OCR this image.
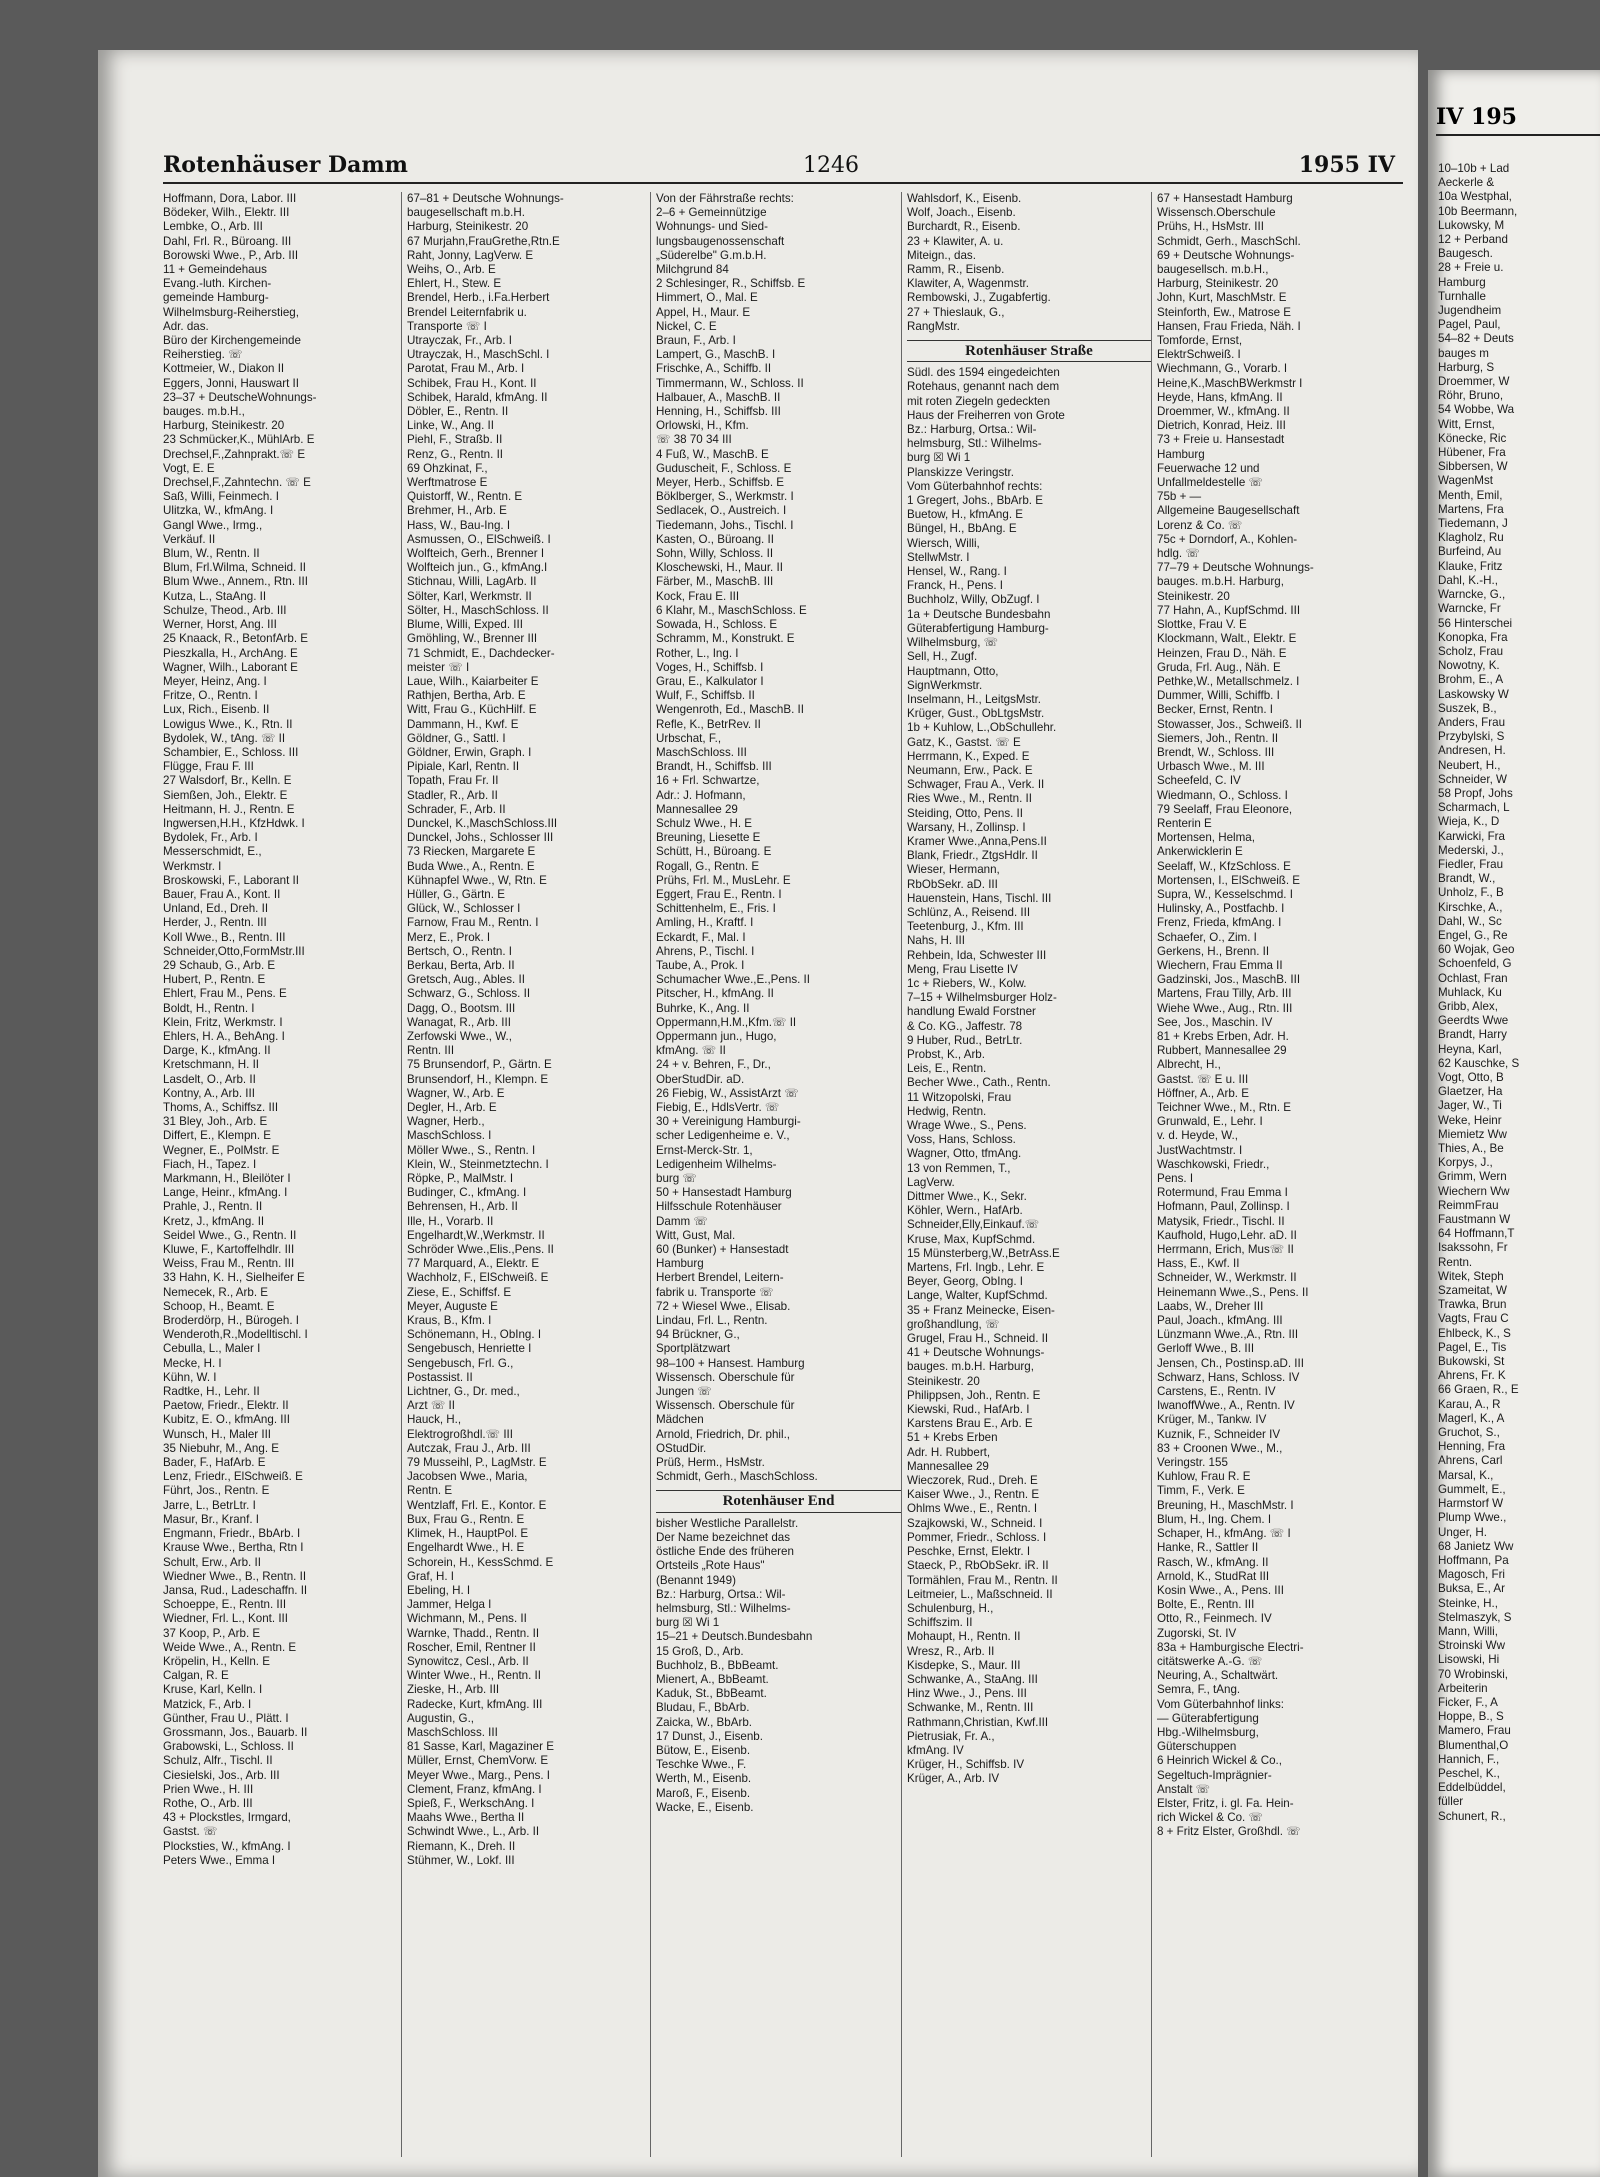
Rotenhäuser Damm	1246	1955 IV
Hoffmann, Dora, Labor. III
Bödeker, Wilh., Elektr. III
Lembke, O., Arb. III
Dahl, Frl. R., Büroang. III
Borowski Wwe., P., Arb. III
11 + Gemeindehaus
Evang.-luth. Kirchen-
gemeinde Hamburg-
Wilhelmsburg-Reiherstieg,
Adr. das.
Büro der Kirchengemeinde
Reiherstieg. ☏
Kottmeier, W., Diakon II
Eggers, Jonni, Hauswart II
23–37 + DeutscheWohnungs-
bauges. m.b.H.,
Harburg, Steinikestr. 20
23 Schmücker,K., MühlArb. E
Drechsel,F.,Zahnprakt.☏ E
Vogt, E. E
Drechsel,F.,Zahntechn. ☏ E
Saß, Willi, Feinmech. I
Ulitzka, W., kfmAng. I
Gangl Wwe., Irmg.,
Verkäuf. II
Blum, W., Rentn. II
Blum, Frl.Wilma, Schneid. II
Blum Wwe., Annem., Rtn. III
Kutza, L., StaAng. II
Schulze, Theod., Arb. III
Werner, Horst, Ang. III
25 Knaack, R., BetonfArb. E
Pieszkalla, H., ArchAng. E
Wagner, Wilh., Laborant E
Meyer, Heinz, Ang. I
Fritze, O., Rentn. I
Lux, Rich., Eisenb. II
Lowigus Wwe., K., Rtn. II
Bydolek, W., tAng. ☏ II
Schambier, E., Schloss. III
Flügge, Frau F. III
27 Walsdorf, Br., Kelln. E
Siemßen, Joh., Elektr. E
Heitmann, H. J., Rentn. E
Ingwersen,H.H., KfzHdwk. I
Bydolek, Fr., Arb. I
Messerschmidt, E.,
Werkmstr. I
Broskowski, F., Laborant II
Bauer, Frau A., Kont. II
Unland, Ed., Dreh. II
Herder, J., Rentn. III
Koll Wwe., B., Rentn. III
Schneider,Otto,FormMstr.III
29 Schaub, G., Arb. E
Hubert, P., Rentn. E
Ehlert, Frau M., Pens. E
Boldt, H., Rentn. I
Klein, Fritz, Werkmstr. I
Ehlers, H. A., BehAng. I
Darge, K., kfmAng. II
Kretschmann, H. II
Lasdelt, O., Arb. II
Kontny, A., Arb. III
Thoms, A., Schiffsz. III
31 Bley, Joh., Arb. E
Differt, E., Klempn. E
Wegner, E., PolMstr. E
Fiach, H., Tapez. I
Markmann, H., Bleilöter I
Lange, Heinr., kfmAng. I
Prahle, J., Rentn. II
Kretz, J., kfmAng. II
Seidel Wwe., G., Rentn. II
Kluwe, F., Kartoffelhdlr. III
Weiss, Frau M., Rentn. III
33 Hahn, K. H., Sielheifer E
Nemecek, R., Arb. E
Schoop, H., Beamt. E
Broderdörp, H., Bürogeh. I
Wenderoth,R.,Modelltischl. I
Cebulla, L., Maler I
Mecke, H. I
Kühn, W. I
Radtke, H., Lehr. II
Paetow, Friedr., Elektr. II
Kubitz, E. O., kfmAng. III
Wunsch, H., Maler III
35 Niebuhr, M., Ang. E
Bader, F., HafArb. E
Lenz, Friedr., ElSchweiß. E
Führt, Jos., Rentn. E
Jarre, L., BetrLtr. I
Masur, Br., Kranf. I
Engmann, Friedr., BbArb. I
Krause Wwe., Bertha, Rtn I
Schult, Erw., Arb. II
Wiedner Wwe., B., Rentn. II
Jansa, Rud., Ladeschaffn. II
Schoeppe, E., Rentn. III
Wiedner, Frl. L., Kont. III
37 Koop, P., Arb. E
Weide Wwe., A., Rentn. E
Kröpelin, H., Kelln. E
Calgan, R. E
Kruse, Karl, Kelln. I
Matzick, F., Arb. I
Günther, Frau U., Plätt. I
Grossmann, Jos., Bauarb. II
Grabowski, L., Schloss. II
Schulz, Alfr., Tischl. II
Ciesielski, Jos., Arb. III
Prien Wwe., H. III
Rothe, O., Arb. III
43 + Plockstles, Irmgard,
Gastst. ☏
Plocksties, W., kfmAng. I
Peters Wwe., Emma I
67–81 + Deutsche Wohnungs-
baugesellschaft m.b.H.
Harburg, Steinikestr. 20
67 Murjahn,FrauGrethe,Rtn.E
Raht, Jonny, LagVerw. E
Weihs, O., Arb. E
Ehlert, H., Stew. E
Brendel, Herb., i.Fa.Herbert
Brendel Leiternfabrik u.
Transporte ☏ I
Utrayczak, Fr., Arb. I
Utrayczak, H., MaschSchl. I
Parotat, Frau M., Arb. I
Schibek, Frau H., Kont. II
Schibek, Harald, kfmAng. II
Döbler, E., Rentn. II
Linke, W., Ang. II
Piehl, F., Straßb. II
Renz, G., Rentn. II
69 Ohzkinat, F.,
Werftmatrose E
Quistorff, W., Rentn. E
Brehmer, H., Arb. E
Hass, W., Bau-Ing. I
Asmussen, O., ElSchweiß. I
Wolfteich, Gerh., Brenner I
Wolfteich jun., G., kfmAng.I
Stichnau, Willi, LagArb. II
Sölter, Karl, Werkmstr. II
Sölter, H., MaschSchloss. II
Blume, Willi, Exped. III
Gmöhling, W., Brenner III
71 Schmidt, E., Dachdecker-
meister ☏ I
Laue, Wilh., Kaiarbeiter E
Rathjen, Bertha, Arb. E
Witt, Frau G., KüchHilf. E
Dammann, H., Kwf. E
Göldner, G., Sattl. I
Göldner, Erwin, Graph. I
Pipiale, Karl, Rentn. II
Topath, Frau Fr. II
Stadler, R., Arb. II
Schrader, F., Arb. II
Dunckel, K.,MaschSchloss.III
Dunckel, Johs., Schlosser III
73 Riecken, Margarete E
Buda Wwe., A., Rentn. E
Kühnapfel Wwe., W, Rtn. E
Hüller, G., Gärtn. E
Glück, W., Schlosser I
Farnow, Frau M., Rentn. I
Merz, E., Prok. I
Bertsch, O., Rentn. I
Berkau, Berta, Arb. II
Gretsch, Aug., Ables. II
Schwarz, G., Schloss. II
Dagg, O., Bootsm. III
Wanagat, R., Arb. III
Zerfowski Wwe., W.,
Rentn. III
75 Brunsendorf, P., Gärtn. E
Brunsendorf, H., Klempn. E
Wagner, W., Arb. E
Degler, H., Arb. E
Wagner, Herb.,
MaschSchloss. I
Möller Wwe., S., Rentn. I
Klein, W., Steinmetztechn. I
Röpke, P., MalMstr. I
Budinger, C., kfmAng. I
Behrensen, H., Arb. II
Ille, H., Vorarb. II
Engelhardt,W.,Werkmstr. II
Schröder Wwe.,Elis.,Pens. II
77 Marquard, A., Elektr. E
Wachholz, F., ElSchweiß. E
Ziese, E., Schiffsf. E
Meyer, Auguste E
Kraus, B., Kfm. I
Schönemann, H., ObIng. I
Sengebusch, Henriette I
Sengebusch, Frl. G.,
Postassist. II
Lichtner, G., Dr. med.,
Arzt ☏ II
Hauck, H.,
Elektrogroßhdl.☏ III
Autczak, Frau J., Arb. III
79 Musseihl, P., LagMstr. E
Jacobsen Wwe., Maria,
Rentn. E
Wentzlaff, Frl. E., Kontor. E
Bux, Frau G., Rentn. E
Klimek, H., HauptPol. E
Engelhardt Wwe., H. E
Schorein, H., KessSchmd. E
Graf, H. I
Ebeling, H. I
Jammer, Helga I
Wichmann, M., Pens. II
Warnke, Thadd., Rentn. II
Roscher, Emil, Rentner II
Synowitcz, Cesl., Arb. II
Winter Wwe., H., Rentn. II
Zieske, H., Arb. III
Radecke, Kurt, kfmAng. III
Augustin, G.,
MaschSchloss. III
81 Sasse, Karl, Magaziner E
Müller, Ernst, ChemVorw. E
Meyer Wwe., Marg., Pens. I
Clement, Franz, kfmAng. I
Spieß, F., WerkschAng. I
Maahs Wwe., Bertha II
Schwindt Wwe., L., Arb. II
Riemann, K., Dreh. II
Stühmer, W., Lokf. III
Von der Fährstraße rechts:
2–6 + Gemeinnützige
Wohnungs- und Sied-
lungsbaugenossenschaft
„Süderelbe" G.m.b.H.
Milchgrund 84
2 Schlesinger, R., Schiffsb. E
Himmert, O., Mal. E
Appel, H., Maur. E
Nickel, C. E
Braun, F., Arb. I
Lampert, G., MaschB. I
Frischke, A., Schiffb. II
Timmermann, W., Schloss. II
Halbauer, A., MaschB. II
Henning, H., Schiffsb. III
Orlowski, H., Kfm.
☏ 38 70 34 III
4 Fuß, W., MaschB. E
Guduscheit, F., Schloss. E
Meyer, Herb., Schiffsb. E
Böklberger, S., Werkmstr. I
Sedlacek, O., Austreich. I
Tiedemann, Johs., Tischl. I
Kasten, O., Büroang. II
Sohn, Willy, Schloss. II
Kloschewski, H., Maur. II
Färber, M., MaschB. III
Kock, Frau E. III
6 Klahr, M., MaschSchloss. E
Sowada, H., Schloss. E
Schramm, M., Konstrukt. E
Rother, L., Ing. I
Voges, H., Schiffsb. I
Grau, E., Kalkulator I
Wulf, F., Schiffsb. II
Wengenroth, Ed., MaschB. II
Refle, K., BetrRev. II
Urbschat, F.,
MaschSchloss. III
Brandt, H., Schiffsb. III
16 + Frl. Schwartze,
Adr.: J. Hofmann,
Mannesallee 29
Schulz Wwe., H. E
Breuning, Liesette E
Schütt, H., Büroang. E
Rogall, G., Rentn. E
Prühs, Frl. M., MusLehr. E
Eggert, Frau E., Rentn. I
Schittenhelm, E., Fris. I
Amling, H., Kraftf. I
Eckardt, F., Mal. I
Ahrens, P., Tischl. I
Taube, A., Prok. I
Schumacher Wwe.,E.,Pens. II
Pitscher, H., kfmAng. II
Buhrke, K., Ang. II
Oppermann,H.M.,Kfm.☏ II
Oppermann jun., Hugo,
kfmAng. ☏ II
24 + v. Behren, F., Dr.,
OberStudDir. aD.
26 Fiebig, W., AssistArzt ☏
Fiebig, E., HdlsVertr. ☏
30 + Vereinigung Hamburgi-
scher Ledigenheime e. V.,
Ernst-Merck-Str. 1,
Ledigenheim Wilhelms-
burg ☏
50 + Hansestadt Hamburg
Hilfsschule Rotenhäuser
Damm ☏
Witt, Gust, Mal.
60 (Bunker) + Hansestadt
Hamburg
Herbert Brendel, Leitern-
fabrik u. Transporte ☏
72 + Wiesel Wwe., Elisab.
Lindau, Frl. L., Rentn.
94 Brückner, G.,
Sportplätzwart
98–100 + Hansest. Hamburg
Wissensch. Oberschule für
Jungen ☏
Wissensch. Oberschule für
Mädchen
Arnold, Friedrich, Dr. phil.,
OStudDir.
Prüß, Herm., HsMstr.
Schmidt, Gerh., MaschSchloss.
Rotenhäuser End
bisher Westliche Parallelstr.
Der Name bezeichnet das
östliche Ende des früheren
Ortsteils „Rote Haus"
(Benannt 1949)
Bz.: Harburg, Ortsa.: Wil-
helmsburg, Stl.: Wilhelms-
burg ☒ Wi 1
15–21 + Deutsch.Bundesbahn
15 Groß, D., Arb.
Buchholz, B., BbBeamt.
Mienert, A., BbBeamt.
Kaduk, St., BbBeamt.
Bludau, F., BbArb.
Zaicka, W., BbArb.
17 Dunst, J., Eisenb.
Bütow, E., Eisenb.
Teschke Wwe., F.
Werth, M., Eisenb.
Maroß, F., Eisenb.
Wacke, E., Eisenb.
Wahlsdorf, K., Eisenb.
Wolf, Joach., Eisenb.
Burchardt, R., Eisenb.
23 + Klawiter, A. u.
Miteign., das.
Ramm, R., Eisenb.
Klawiter, A, Wagenmstr.
Rembowski, J., Zugabfertig.
27 + Thieslauk, G.,
RangMstr.
Rotenhäuser Straße
Südl. des 1594 eingedeichten
Rotehaus, genannt nach dem
mit roten Ziegeln gedeckten
Haus der Freiherren von Grote
Bz.: Harburg, Ortsa.: Wil-
helmsburg, Stl.: Wilhelms-
burg ☒ Wi 1
Planskizze Veringstr.
Vom Güterbahnhof rechts:
1 Gregert, Johs., BbArb. E
Buetow, H., kfmAng. E
Büngel, H., BbAng. E
Wiersch, Willi,
StellwMstr. I
Hensel, W., Rang. I
Franck, H., Pens. I
Buchholz, Willy, ObZugf. I
1a + Deutsche Bundesbahn
Güterabfertigung Hamburg-
Wilhelmsburg, ☏
Sell, H., Zugf.
Hauptmann, Otto,
SignWerkmstr.
Inselmann, H., LeitgsMstr.
Krüger, Gust., ObLtgsMstr.
1b + Kuhlow, L.,ObSchullehr.
Gatz, K., Gastst. ☏ E
Herrmann, K., Exped. E
Neumann, Erw., Pack. E
Schwager, Frau A., Verk. II
Ries Wwe., M., Rentn. II
Steiding, Otto, Pens. II
Warsany, H., Zollinsp. I
Kramer Wwe.,Anna,Pens.II
Blank, Friedr., ZtgsHdlr. II
Wieser, Hermann,
RbObSekr. aD. III
Hauenstein, Hans, Tischl. III
Schlünz, A., Reisend. III
Teetenburg, J., Kfm. III
Nahs, H. III
Rehbein, Ida, Schwester III
Meng, Frau Lisette IV
1c + Riebers, W., Kolw.
7–15 + Wilhelmsburger Holz-
handlung Ewald Forstner
& Co. KG., Jaffestr. 78
9 Huber, Rud., BetrLtr.
Probst, K., Arb.
Leis, E., Rentn.
Becher Wwe., Cath., Rentn.
11 Witzopolski, Frau
Hedwig, Rentn.
Wrage Wwe., S., Pens.
Voss, Hans, Schloss.
Wagner, Otto, tfmAng.
13 von Remmen, T.,
LagVerw.
Dittmer Wwe., K., Sekr.
Köhler, Wern., HafArb.
Schneider,Elly,Einkauf.☏
Kruse, Max, KupfSchmd.
15 Münsterberg,W.,BetrAss.E
Martens, Frl. Ingb., Lehr. E
Beyer, Georg, ObIng. I
Lange, Walter, KupfSchmd.
35 + Franz Meinecke, Eisen-
großhandlung, ☏
Grugel, Frau H., Schneid. II
41 + Deutsche Wohnungs-
bauges. m.b.H. Harburg,
Steinikestr. 20
Philippsen, Joh., Rentn. E
Kiewski, Rud., HafArb. I
Karstens Brau E., Arb. E
51 + Krebs Erben
Adr. H. Rubbert,
Mannesallee 29
Wieczorek, Rud., Dreh. E
Kaiser Wwe., J., Rentn. E
Ohlms Wwe., E., Rentn. I
Szajkowski, W., Schneid. I
Pommer, Friedr., Schloss. I
Peschke, Ernst, Elektr. I
Staeck, P., RbObSekr. iR. II
Tormählen, Frau M., Rentn. II
Leitmeier, L., Maßschneid. II
Schulenburg, H.,
Schiffszim. II
Mohaupt, H., Rentn. II
Wresz, R., Arb. II
Kisdepke, S., Maur. III
Schwanke, A., StaAng. III
Hinz Wwe., J., Pens. III
Schwanke, M., Rentn. III
Rathmann,Christian, Kwf.III
Pietrusiak, Fr. A.,
kfmAng. IV
Krüger, H., Schiffsb. IV
Krüger, A., Arb. IV
67 + Hansestadt Hamburg
Wissensch.Oberschule
Prühs, H., HsMstr. III
Schmidt, Gerh., MaschSchl.
69 + Deutsche Wohnungs-
baugesellsch. m.b.H.,
Harburg, Steinikestr. 20
John, Kurt, MaschMstr. E
Steinforth, Ew., Matrose E
Hansen, Frau Frieda, Näh. I
Tomforde, Ernst,
ElektrSchweiß. I
Wiechmann, G., Vorarb. I
Heine,K.,MaschBWerkmstr I
Heyde, Hans, kfmAng. II
Droemmer, W., kfmAng. II
Dietrich, Konrad, Heiz. III
73 + Freie u. Hansestadt
Hamburg
Feuerwache 12 und
Unfallmeldestelle ☏
75b + —
Allgemeine Baugesellschaft
Lorenz & Co. ☏
75c + Dorndorf, A., Kohlen-
hdlg. ☏
77–79 + Deutsche Wohnungs-
bauges. m.b.H. Harburg,
Steinikestr. 20
77 Hahn, A., KupfSchmd. III
Slottke, Frau V. E
Klockmann, Walt., Elektr. E
Heinzen, Frau D., Näh. E
Gruda, Frl. Aug., Näh. E
Pethke,W., Metallschmelz. I
Dummer, Willi, Schiffb. I
Becker, Ernst, Rentn. I
Stowasser, Jos., Schweiß. II
Siemers, Joh., Rentn. II
Brendt, W., Schloss. III
Urbasch Wwe., M. III
Scheefeld, C. IV
Wiedmann, O., Schloss. I
79 Seelaff, Frau Eleonore,
Renterin E
Mortensen, Helma,
Ankerwicklerin E
Seelaff, W., KfzSchloss. E
Mortensen, I., ElSchweiß. E
Supra, W., Kesselschmd. I
Hulinsky, A., Postfachb. I
Frenz, Frieda, kfmAng. I
Schaefer, O., Zim. I
Gerkens, H., Brenn. II
Wiechern, Frau Emma II
Gadzinski, Jos., MaschB. III
Martens, Frau Tilly, Arb. III
Wiehe Wwe., Aug., Rtn. III
See, Jos., Maschin. IV
81 + Krebs Erben, Adr. H.
Rubbert, Mannesallee 29
Albrecht, H.,
Gastst. ☏ E u. III
Höffner, A., Arb. E
Teichner Wwe., M., Rtn. E
Grunwald, E., Lehr. I
v. d. Heyde, W.,
JustWachtmstr. I
Waschkowski, Friedr.,
Pens. I
Rotermund, Frau Emma I
Hofmann, Paul, Zollinsp. I
Matysik, Friedr., Tischl. II
Kaufhold, Hugo,Lehr. aD. II
Herrmann, Erich, Mus☏ II
Hass, E., Kwf. II
Schneider, W., Werkmstr. II
Heinemann Wwe.,S., Pens. II
Laabs, W., Dreher III
Paul, Joach., kfmAng. III
Lünzmann Wwe.,A., Rtn. III
Gerloff Wwe., B. III
Jensen, Ch., Postinsp.aD. III
Schwarz, Hans, Schloss. IV
Carstens, E., Rentn. IV
IwanoffWwe., A., Rentn. IV
Krüger, M., Tankw. IV
Kuznik, F., Schneider IV
83 + Croonen Wwe., M.,
Veringstr. 155
Kuhlow, Frau R. E
Timm, F., Verk. E
Breuning, H., MaschMstr. I
Blum, H., Ing. Chem. I
Schaper, H., kfmAng. ☏ I
Hanke, R., Sattler II
Rasch, W., kfmAng. II
Arnold, K., StudRat III
Kosin Wwe., A., Pens. III
Bolte, E., Rentn. III
Otto, R., Feinmech. IV
Zugorski, St. IV
83a + Hamburgische Electri-
citätswerke A.-G. ☏
Neuring, A., Schaltwärt.
Semra, F., tAng.
Vom Güterbahnhof links:
— Güterabfertigung
Hbg.-Wilhelmsburg,
Güterschuppen
6 Heinrich Wickel & Co.,
Segeltuch-Imprägnier-
Anstalt ☏
Elster, Fritz, i. gl. Fa. Hein-
rich Wickel & Co. ☏
8 + Fritz Elster, Großhdl. ☏
IV 195
10–10b + Lad
Aeckerle &
10a Westphal,
10b Beermann,
Lukowsky, M
12 + Perband
Baugesch.
28 + Freie u.
Hamburg
Turnhalle
Jugendheim
Pagel, Paul,
54–82 + Deuts
bauges m
Harburg, S
Droemmer, W
Röhr, Bruno,
54 Wobbe, Wa
Witt, Ernst,
Könecke, Ric
Hübener, Fra
Sibbersen, W
WagenMst
Menth, Emil,
Martens, Fra
Tiedemann, J
Klagholz, Ru
Burfeind, Au
Klauke, Fritz
Dahl, K.-H.,
Warncke, G.,
Warncke, Fr
56 Hinterschei
Konopka, Fra
Scholz, Frau
Nowotny, K.
Brohm, E., A
Laskowsky W
Suszek, B.,
Anders, Frau
Przybylski, S
Andresen, H.
Neubert, H.,
Schneider, W
58 Propf, Johs
Scharmach, L
Wieja, K., D
Karwicki, Fra
Mederski, J.,
Fiedler, Frau
Brandt, W.,
Unholz, F., B
Kirschke, A.,
Dahl, W., Sc
Engel, G., Re
60 Wojak, Geo
Schoenfeld, G
Ochlast, Fran
Muhlack, Ku
Gribb, Alex,
Geerdts Wwe
Brandt, Harry
Heyna, Karl,
62 Kauschke, S
Vogt, Otto, B
Glaetzer, Ha
Jager, W., Ti
Weke, Heinr
Miemietz Ww
Thies, A., Be
Korpys, J.,
Grimm, Wern
Wiechern Ww
ReimmFrau
Faustmann W
64 Hoffmann,T
Isakssohn, Fr
Rentn.
Witek, Steph
Szameitat, W
Trawka, Brun
Vagts, Frau C
Ehlbeck, K., S
Pagel, E., Tis
Bukowski, St
Ahrens, Fr. K
66 Graen, R., E
Karau, A., R
Magerl, K., A
Gruchot, S.,
Henning, Fra
Ahrens, Carl
Marsal, K.,
Gummelt, E.,
Harmstorf W
Plump Wwe.,
Unger, H.
68 Janietz Ww
Hoffmann, Pa
Magosch, Fri
Buksa, E., Ar
Steinke, H.,
Stelmaszyk, S
Mann, Willi,
Stroinski Ww
Lisowski, Hi
70 Wrobinski,
Arbeiterin
Ficker, F., A
Hoppe, B., S
Mamero, Frau
Blumenthal,O
Hannich, F.,
Peschel, K.,
Eddelbüddel,
füller
Schunert, R.,
